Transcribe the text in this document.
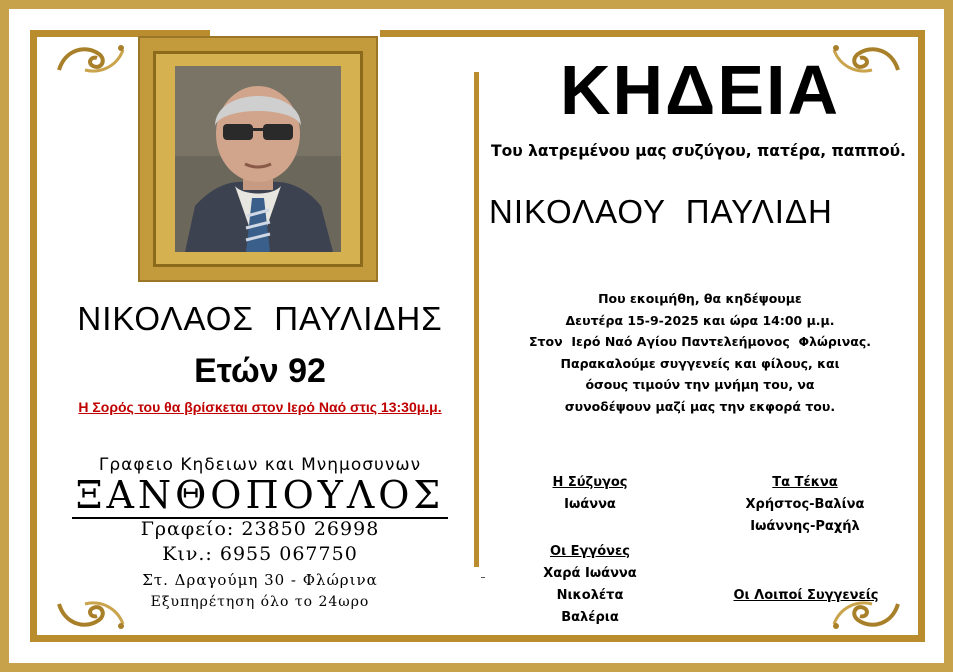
ΚΗΔΕΙΑ
Του λατρεμένου μας συζύγου, πατέρα, παππού.
ΝΙΚΟΛΑΟΥ  ΠΑΥΛΙΔΗ
Που εκοιμήθη, θα κηδέψουμε
Δευτέρα 15-9-2025 και ώρα 14:00 μ.μ.
Στον  Ιερό Ναό Αγίου Παντελεήμονος  Φλώρινας.
Παρακαλούμε συγγενείς και φίλους, και
όσους τιμούν την μνήμη του, να
συνοδέψουν μαζί μας την εκφορά του.
Η Σύζυγος
Ιωάννα
Τα Τέκνα
Χρήστος-Βαλίνα
Ιωάννης-Ραχήλ
Οι Εγγόνες
Χαρά Ιωάννα
Νικολέτα
Βαλέρια
Οι Λοιποί Συγγενείς
ΝΙΚΟΛΑΟΣ  ΠΑΥΛΙΔΗΣ
Ετών 92
Η Σορός του θα βρίσκεται στον Ιερό Ναό στις 13:30μ.μ.
Γραφειο Κηδειων και Μνημοσυνων
ΞΑΝΘΟΠΟΥΛΟΣ
Γραφείο: 23850 26998
Κιν.: 6955 067750
Στ. Δραγούμη 30 - Φλώρινα
Εξυπηρέτηση όλο το 24ωρο
